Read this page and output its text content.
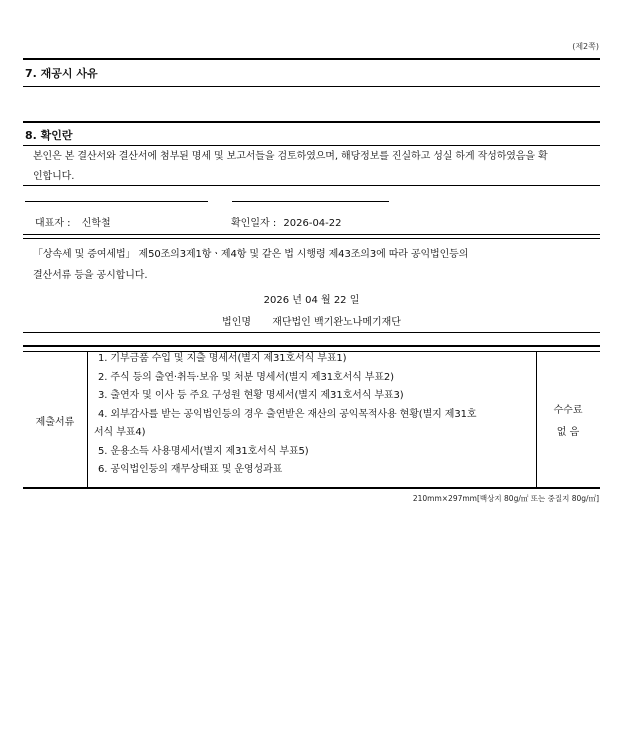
(제2쪽)
7. 재공시 사유
8. 확인란
본인은 본 결산서와 결산서에 첨부된 명세 및 보고서들을 검토하였으며, 해당정보를 진실하고 성실 하게 작성하였음을 확
인합니다.
대표자 : 신학철	확인일자 : 2026-04-22
「상속세 및 증여세법」 제50조의3제1항ㆍ제4항 및 같은 법 시행령 제43조의3에 따라 공익법인등의
결산서류 등을 공시합니다.
2026 년 04 월 22 일
법인명 재단법인 백기완노나메기재단
제출서류
1. 기부금품 수입 및 지출 명세서(별지 제31호서식 부표1)
2. 주식 등의 출연·취득·보유 및 처분 명세서(별지 제31호서식 부표2)
3. 출연자 및 이사 등 주요 구성원 현황 명세서(별지 제31호서식 부표3)
4. 외부감사를 받는 공익법인등의 경우 출연받은 재산의 공익목적사용 현황(별지 제31호
서식 부표4)
5. 운용소득 사용명세서(별지 제31호서식 부표5)
6. 공익법인등의 재무상태표 및 운영성과표
수수료
없 음
210mm×297mm[백상지 80g/㎡ 또는 중질지 80g/㎡]
